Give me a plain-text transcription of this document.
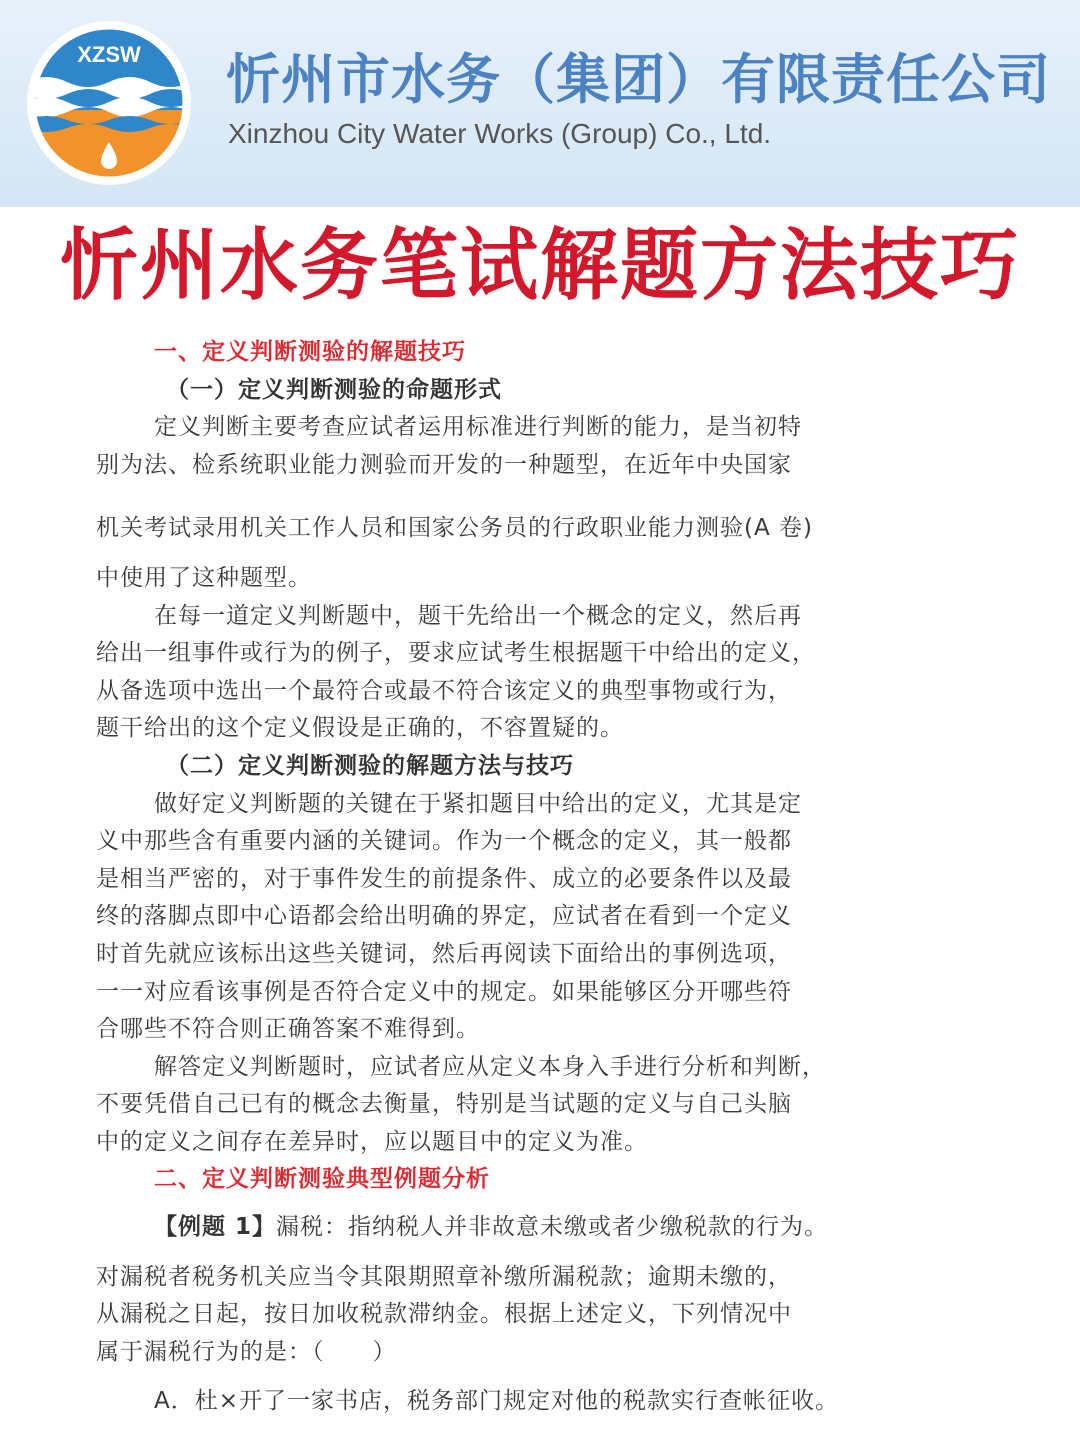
XZSW 忻州市水务（集团）有限责任公司
Xinzhou City Water Works (Group) Co., Ltd.
忻州水务笔试解题方法技巧
一、定义判断测验的解题技巧
（一）定义判断测验的命题形式
定义判断主要考查应试者运用标准进行判断的能力，是当初特
别为法、检系统职业能力测验而开发的一种题型，在近年中央国家
机关考试录用机关工作人员和国家公务员的行政职业能力测验(A 卷)
中使用了这种题型。
在每一道定义判断题中，题干先给出一个概念的定义，然后再
给出一组事件或行为的例子，要求应试考生根据题干中给出的定义，
从备选项中选出一个最符合或最不符合该定义的典型事物或行为，
题干给出的这个定义假设是正确的，不容置疑的。
（二）定义判断测验的解题方法与技巧
做好定义判断题的关键在于紧扣题目中给出的定义，尤其是定
义中那些含有重要内涵的关键词。作为一个概念的定义，其一般都
是相当严密的，对于事件发生的前提条件、成立的必要条件以及最
终的落脚点即中心语都会给出明确的界定，应试者在看到一个定义
时首先就应该标出这些关键词，然后再阅读下面给出的事例选项，
一一对应看该事例是否符合定义中的规定。如果能够区分开哪些符
合哪些不符合则正确答案不难得到。
解答定义判断题时，应试者应从定义本身入手进行分析和判断，
不要凭借自己已有的概念去衡量，特别是当试题的定义与自己头脑
中的定义之间存在差异时，应以题目中的定义为准。
二、定义判断测验典型例题分析
【例题 1】漏税：指纳税人并非故意未缴或者少缴税款的行为。
对漏税者税务机关应当令其限期照章补缴所漏税款；逾期未缴的，
从漏税之日起，按日加收税款滞纳金。根据上述定义，下列情况中
属于漏税行为的是：（　　）
A．杜×开了一家书店，税务部门规定对他的税款实行查帐征收。
